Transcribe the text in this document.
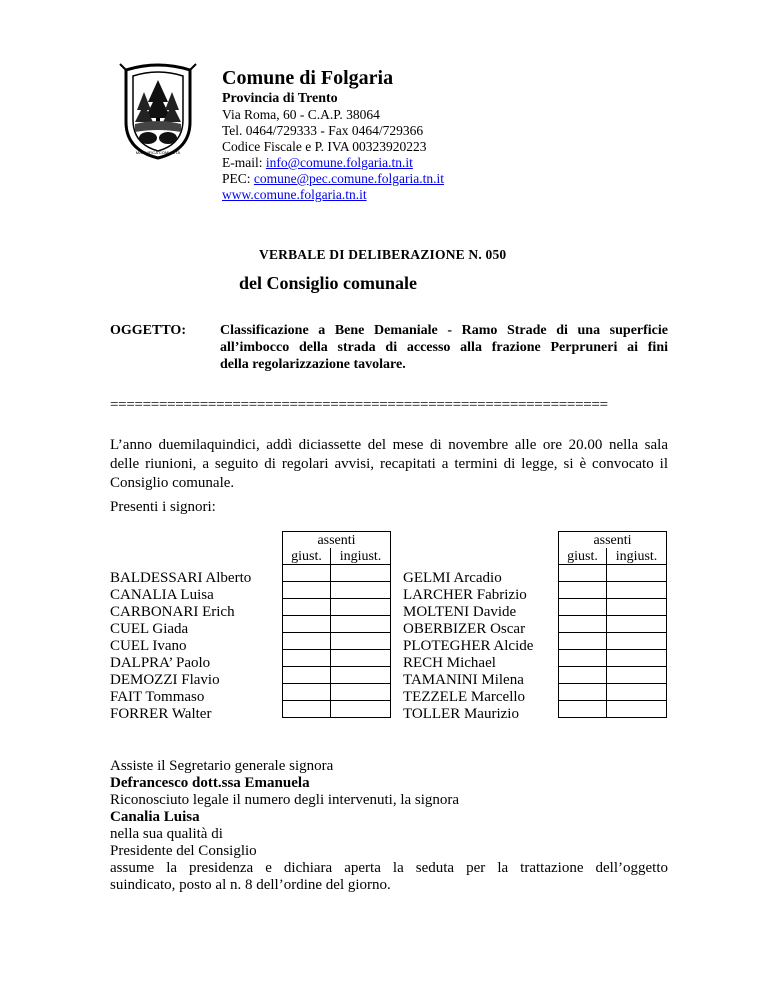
MAGNIFICA COMUNITÀ
Comune di Folgaria
Provincia di Trento
Via Roma, 60 - C.A.P. 38064
Tel. 0464/729333 - Fax 0464/729366
Codice Fiscale e P. IVA 00323920223
E-mail: info@comune.folgaria.tn.it
PEC: comune@pec.comune.folgaria.tn.it
www.comune.folgaria.tn.it
VERBALE DI DELIBERAZIONE N. 050
del Consiglio comunale
OGGETTO: Classificazione a Bene Demaniale - Ramo Strade di una superficie
all’imbocco della strada di accesso alla frazione Perpruneri ai fini
della regolarizzazione tavolare.
=============================================================
L’anno duemilaquindici, addì diciassette del mese di novembre alle ore 20.00 nella sala
delle riunioni, a seguito di regolari avvisi, recapitati a termini di legge, si è convocato il
Consiglio comunale.
Presenti i signori:
BALDESSARI Alberto
CANALIA Luisa
CARBONARI Erich
CUEL Giada
CUEL Ivano
DALPRA’ Paolo
DEMOZZI Flavio
FAIT Tommaso
FORRER Walter
GELMI Arcadio
LARCHER Fabrizio
MOLTENI Davide
OBERBIZER Oscar
PLOTEGHER Alcide
RECH Michael
TAMANINI Milena
TEZZELE Marcello
TOLLER Maurizio
assenti	
giust.	ingiust.

assenti	
giust.	ingiust.

Assiste il Segretario generale signora
Defrancesco dott.ssa Emanuela
Riconosciuto legale il numero degli intervenuti, la signora
Canalia Luisa
nella sua qualità di
Presidente del Consiglio
assume la presidenza e dichiara aperta la seduta per la trattazione dell’oggetto
suindicato, posto al n. 8 dell’ordine del giorno.
